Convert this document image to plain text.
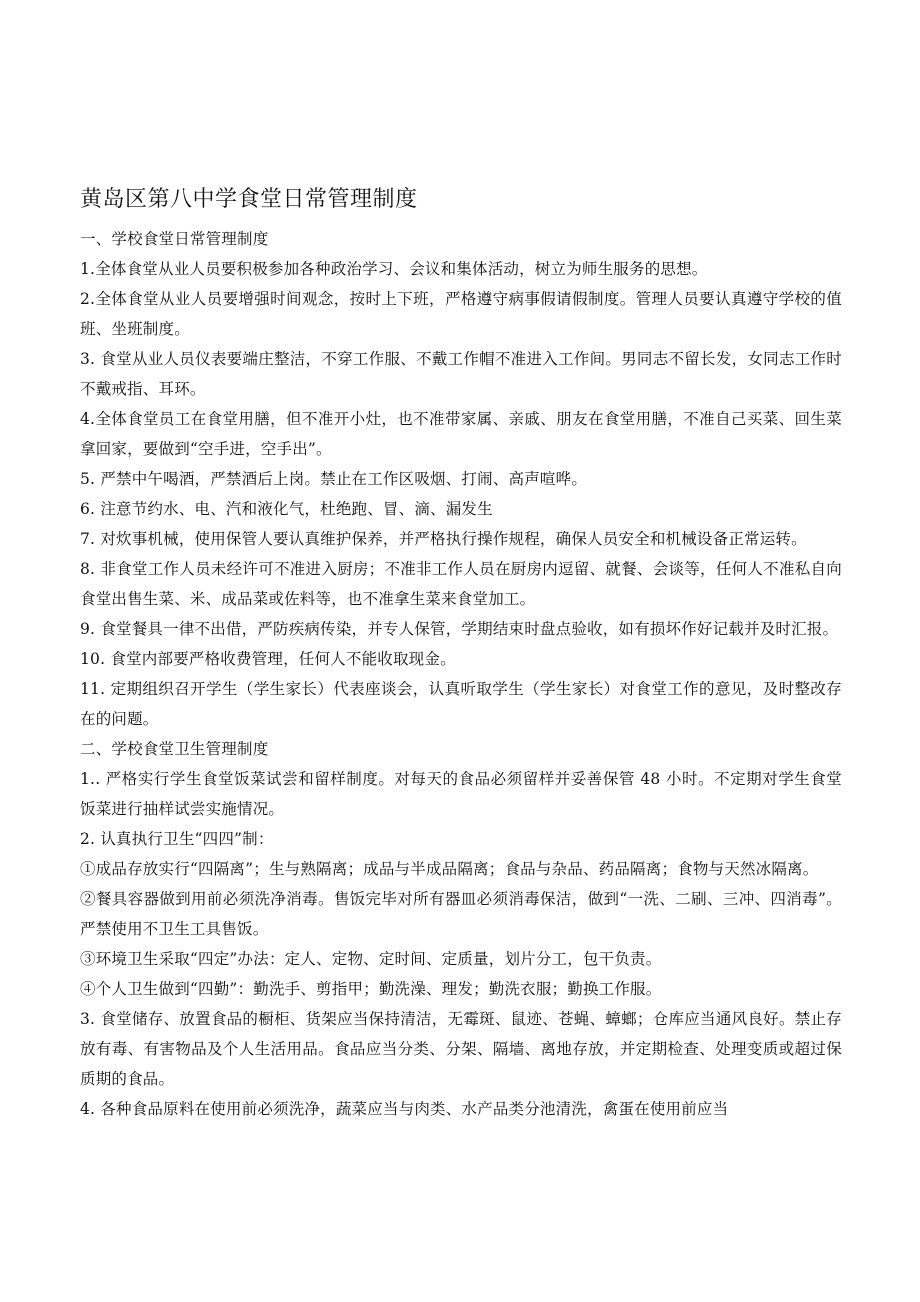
黄岛区第八中学食堂日常管理制度

一、学校食堂日常管理制度

1.全体食堂从业人员要积极参加各种政治学习、会议和集体活动，树立为师生服务的思想。

2.全体食堂从业人员要增强时间观念，按时上下班，严格遵守病事假请假制度。管理人员要认真遵守学校的值班、坐班制度。

3. 食堂从业人员仪表要端庄整洁，不穿工作服、不戴工作帽不准进入工作间。男同志不留长发，女同志工作时不戴戒指、耳环。

4.全体食堂员工在食堂用膳，但不准开小灶，也不准带家属、亲戚、朋友在食堂用膳，不准自己买菜、回生菜拿回家，要做到“空手进，空手出”。

5. 严禁中午喝酒，严禁酒后上岗。禁止在工作区吸烟、打闹、高声喧哗。

6. 注意节约水、电、汽和液化气，杜绝跑、冒、滴、漏发生

7. 对炊事机械，使用保管人要认真维护保养，并严格执行操作规程，确保人员安全和机械设备正常运转。

8. 非食堂工作人员未经许可不准进入厨房；不准非工作人员在厨房内逗留、就餐、会谈等，任何人不准私自向食堂出售生菜、米、成品菜或佐料等，也不准拿生菜来食堂加工。

9. 食堂餐具一律不出借，严防疾病传染，并专人保管，学期结束时盘点验收，如有损坏作好记载并及时汇报。

10. 食堂内部要严格收费管理，任何人不能收取现金。

11. 定期组织召开学生（学生家长）代表座谈会，认真听取学生（学生家长）对食堂工作的意见，及时整改存在的问题。

二、学校食堂卫生管理制度

1.. 严格实行学生食堂饭菜试尝和留样制度。对每天的食品必须留样并妥善保管 48 小时。不定期对学生食堂饭菜进行抽样试尝实施情况。

2. 认真执行卫生“四四”制：

①成品存放实行“四隔离”；生与熟隔离；成品与半成品隔离；食品与杂品、药品隔离；食物与天然冰隔离。

②餐具容器做到用前必须洗净消毒。售饭完毕对所有器皿必须消毒保洁，做到“一洗、二刷、三冲、四消毒”。严禁使用不卫生工具售饭。

③环境卫生采取“四定”办法：定人、定物、定时间、定质量，划片分工，包干负责。

④个人卫生做到“四勤”：勤洗手、剪指甲；勤洗澡、理发；勤洗衣服；勤换工作服。

3. 食堂储存、放置食品的橱柜、货架应当保持清洁，无霉斑、鼠迹、苍蝇、蟑螂；仓库应当通风良好。禁止存放有毒、有害物品及个人生活用品。食品应当分类、分架、隔墙、离地存放，并定期检查、处理变质或超过保质期的食品。

4. 各种食品原料在使用前必须洗净，蔬菜应当与肉类、水产品类分池清洗，禽蛋在使用前应当
